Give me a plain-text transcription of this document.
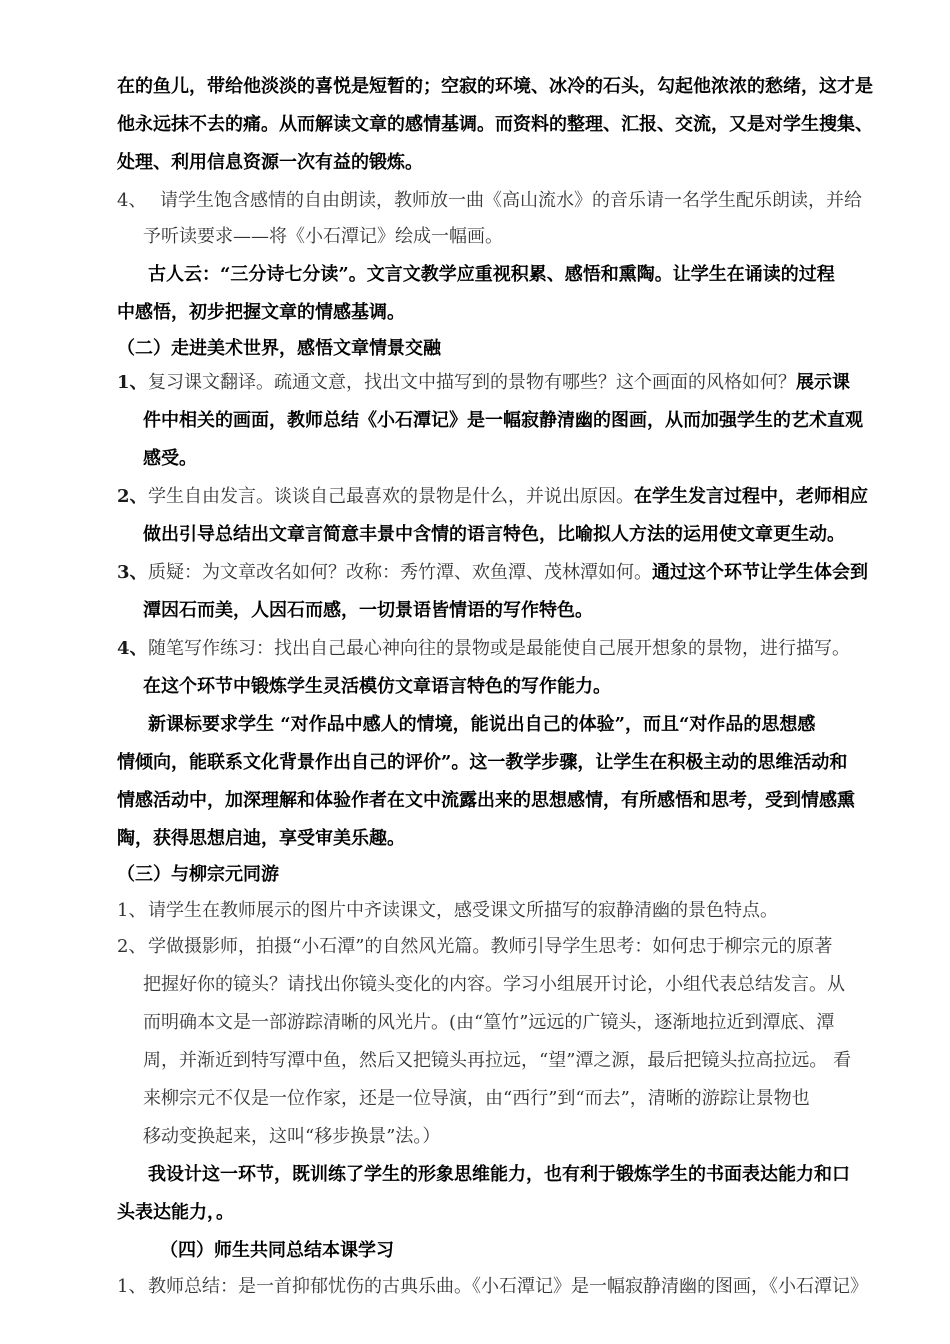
在的鱼儿，带给他淡淡的喜悦是短暂的；空寂的环境、冰冷的石头，勾起他浓浓的愁绪，这才是
他永远抹不去的痛。从而解读文章的感情基调。而资料的整理、汇报、交流，又是对学生搜集、
处理、利用信息资源一次有益的锻炼。
4、 请学生饱含感情的自由朗读，教师放一曲《高山流水》的音乐请一名学生配乐朗读，并给
予听读要求——将《小石潭记》绘成一幅画。
古人云：“三分诗七分读”。文言文教学应重视积累、感悟和熏陶。让学生在诵读的过程
中感悟，初步把握文章的情感基调。
（二）走进美术世界，感悟文章情景交融
1、 复习课文翻译。疏通文意，找出文中描写到的景物有哪些？这个画面的风格如何？展示课
件中相关的画面，教师总结《小石潭记》是一幅寂静清幽的图画，从而加强学生的艺术直观
感受。
2、 学生自由发言。谈谈自己最喜欢的景物是什么，并说出原因。在学生发言过程中，老师相应
做出引导总结出文章言简意丰景中含情的语言特色，比喻拟人方法的运用使文章更生动。
3、 质疑：为文章改名如何？改称：秀竹潭、欢鱼潭、茂林潭如何。通过这个环节让学生体会到
潭因石而美，人因石而感，一切景语皆情语的写作特色。
4、 随笔写作练习：找出自己最心神向往的景物或是最能使自己展开想象的景物，进行描写。
在这个环节中锻炼学生灵活模仿文章语言特色的写作能力。
新课标要求学生 “对作品中感人的情境，能说出自己的体验”，而且“对作品的思想感
情倾向，能联系文化背景作出自己的评价”。这一教学步骤，让学生在积极主动的思维活动和
情感活动中，加深理解和体验作者在文中流露出来的思想感情，有所感悟和思考，受到情感熏
陶，获得思想启迪，享受审美乐趣。
（三）与柳宗元同游
1、 请学生在教师展示的图片中齐读课文，感受课文所描写的寂静清幽的景色特点。
2、 学做摄影师，拍摄“小石潭”的自然风光篇。教师引导学生思考：如何忠于柳宗元的原著
把握好你的镜头？请找出你镜头变化的内容。学习小组展开讨论，小组代表总结发言。从
而明确本文是一部游踪清晰的风光片。(由“篁竹”远远的广镜头，逐渐地拉近到潭底、潭
周，并渐近到特写潭中鱼，然后又把镜头再拉远，“望”潭之源，最后把镜头拉高拉远。 看
来柳宗元不仅是一位作家，还是一位导演，由“西行”到“而去”，清晰的游踪让景物也
移动变换起来，这叫“移步换景”法。）
我设计这一环节，既训练了学生的形象思维能力，也有利于锻炼学生的书面表达能力和口
头表达能力，。
（四）师生共同总结本课学习
1、 教师总结：是一首抑郁忧伤的古典乐曲。《小石潭记》是一幅寂静清幽的图画，《小石潭记》
